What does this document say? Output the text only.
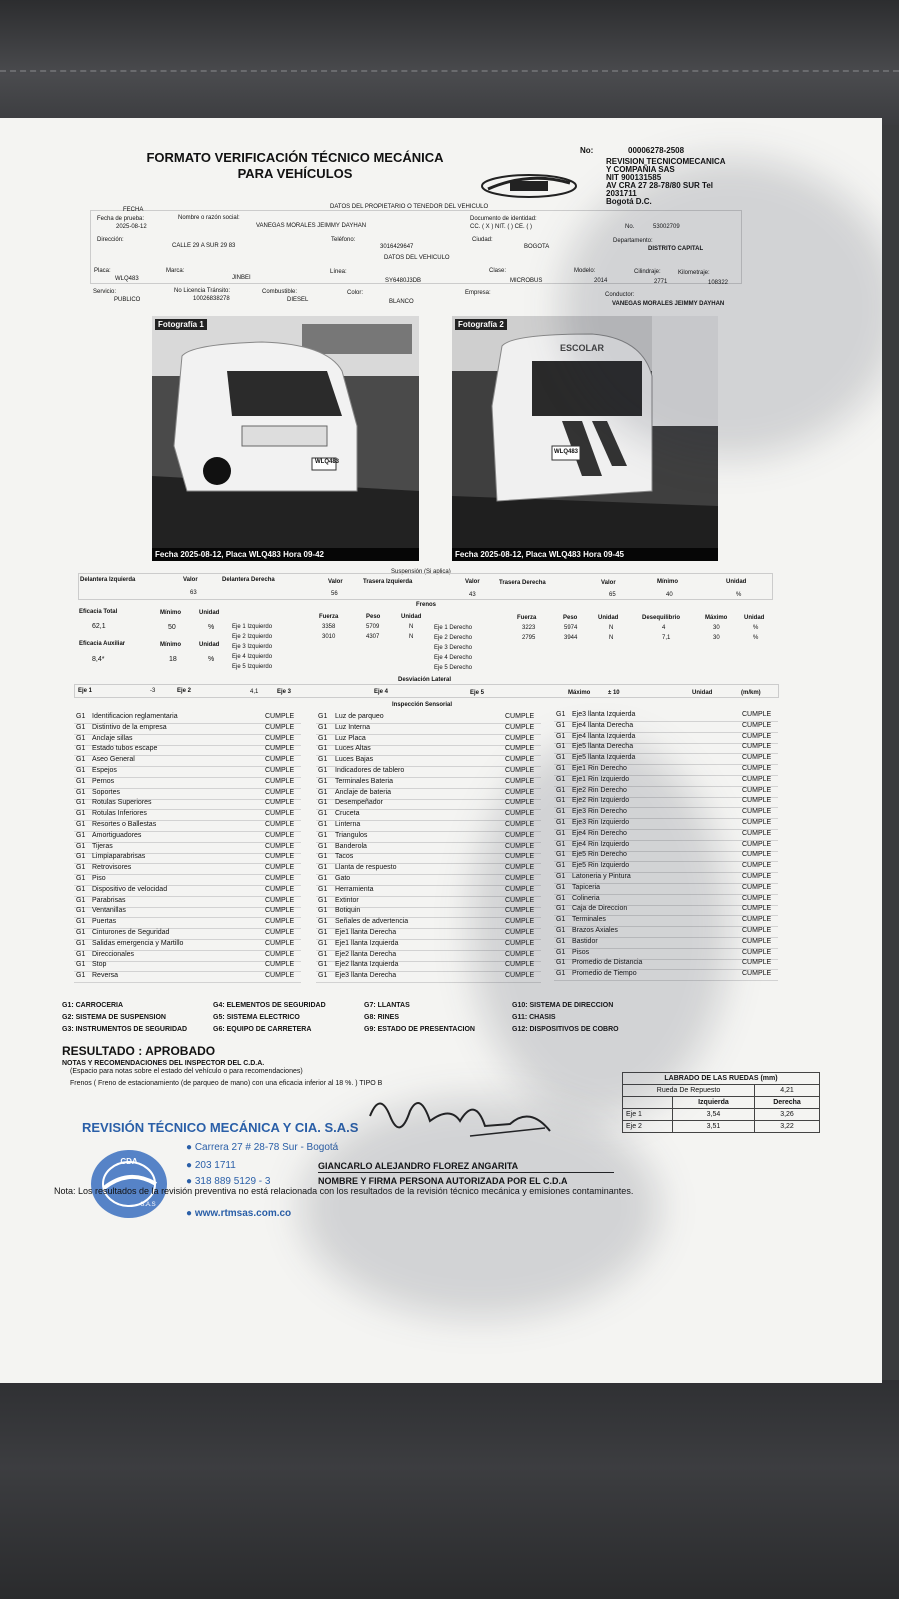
FORMATO VERIFICACIÓN TÉCNICO MECÁNICA
PARA VEHÍCULOS
No:	00006278-2508
REVISION TECNICOMECANICA
Y COMPAÑIA SAS
NIT 900131585
AV CRA 27 28-78/80 SUR Tel
2031711
Bogotá D.C.
FECHA	DATOS DEL PROPIETARIO O TENEDOR DEL VEHICULO
Fecha de prueba:
2025-08-12
Nombre o razón social:
VANEGAS MORALES JEIMMY DAYHAN
Documento de identidad:
CC. ( X ) NIT. ( ) CE. ( )	No.	53002709
Dirección:
CALLE 29 A SUR 29 83
Teléfono:
3016429647
Ciudad:
BOGOTA
Departamento:
DISTRITO CAPITAL
DATOS DEL VEHICULO
Placa:
WLQ483
Marca:
JINBEI
Línea:
SY6480J3DB
Clase:
MICROBUS
Modelo:
2014
Cilindraje:
2771
Kilometraje:
108322
Servicio:
PUBLICO
No Licencia Tránsito:
10026838278
Combustible:
DIESEL
Color:
BLANCO
Empresa:	Conductor:
VANEGAS MORALES JEIMMY DAYHAN
Fotografía 1
WLQ483
Fecha 2025-08-12, Placa WLQ483 Hora 09-42
Fotografía 2
ESCOLAR
WLQ483
Fecha 2025-08-12, Placa WLQ483 Hora 09-45
Suspensión (Si aplica)
Delantera Izquierda	Valor
63
Delantera Derecha	Valor
56
Trasera Izquierda	Valor
43
Trasera Derecha	Valor
65
Mínimo
40
Unidad
%
Frenos
Eficacia Total	Mínimo	Unidad
62,1	50	%
Eficacia Auxiliar	Mínimo	Unidad
8,4*	18	%
Fuerza	Peso	Unidad	Fuerza	Peso	Unidad	Desequilibrio	Máximo	Unidad
Eje 1 Izquierdo	3358	5709	N
Eje 2 Izquierdo	3010	4307	N
Eje 3 Izquierdo
Eje 4 Izquierdo
Eje 5 Izquierdo
Eje 1 Derecho	3223	5974	N	4	30	%
Eje 2 Derecho	2795	3944	N	7,1	30	%
Eje 3 Derecho
Eje 4 Derecho
Eje 5 Derecho
Desviación Lateral
Eje 1	-3	Eje 2	4,1	Eje 3	Eje 4	Eje 5	Máximo	± 10	Unidad	(m/km)
Inspección Sensorial
G1 Identificacion reglamentaria	CUMPLE
G1 Distintivo de la empresa	CUMPLE
G1 Anclaje sillas	CUMPLE
G1 Estado tubos escape	CUMPLE
G1 Aseo General	CUMPLE
G1 Espejos	CUMPLE
G1 Pernos	CUMPLE
G1 Soportes	CUMPLE
G1 Rotulas Superiores	CUMPLE
G1 Rotulas Inferiores	CUMPLE
G1 Resortes o Ballestas	CUMPLE
G1 Amortiguadores	CUMPLE
G1 Tijeras	CUMPLE
G1 Limpiaparabrisas	CUMPLE
G1 Retrovisores	CUMPLE
G1 Piso	CUMPLE
G1 Dispositivo de velocidad	CUMPLE
G1 Parabrisas	CUMPLE
G1 Ventanillas	CUMPLE
G1 Puertas	CUMPLE
G1 Cinturones de Seguridad	CUMPLE
G1 Salidas emergencia y Martillo	CUMPLE
G1 Direccionales	CUMPLE
G1 Stop	CUMPLE
G1 Reversa	CUMPLE
G1 Luz de parqueo	CUMPLE
G1 Luz Interna	CUMPLE
G1 Luz Placa	CUMPLE
G1 Luces Altas	CUMPLE
G1 Luces Bajas	CUMPLE
G1 Indicadores de tablero	CUMPLE
G1 Terminales Bateria	CUMPLE
G1 Anclaje de bateria	CUMPLE
G1 Desempeñador	CUMPLE
G1 Cruceta	CUMPLE
G1 Linterna	CUMPLE
G1 Triangulos	CUMPLE
G1 Banderola	CUMPLE
G1 Tacos	CUMPLE
G1 Llanta de respuesto	CUMPLE
G1 Gato	CUMPLE
G1 Herramienta	CUMPLE
G1 Extintor	CUMPLE
G1 Botiquin	CUMPLE
G1 Señales de advertencia	CUMPLE
G1 Eje1 llanta Derecha	CUMPLE
G1 Eje1 llanta Izquierda	CUMPLE
G1 Eje2 llanta Derecha	CUMPLE
G1 Eje2 llanta Izquierda	CUMPLE
G1 Eje3 llanta Derecha	CUMPLE
G1 Eje3 llanta Izquierda	CUMPLE
G1 Eje4 llanta Derecha	CUMPLE
G1 Eje4 llanta Izquierda	CUMPLE
G1 Eje5 llanta Derecha	CUMPLE
G1 Eje5 llanta Izquierda	CUMPLE
G1 Eje1 Rin Derecho	CUMPLE
G1 Eje1 Rin Izquierdo	CUMPLE
G1 Eje2 Rin Derecho	CUMPLE
G1 Eje2 Rin Izquierdo	CUMPLE
G1 Eje3 Rin Derecho	CUMPLE
G1 Eje3 Rin Izquierdo	CUMPLE
G1 Eje4 Rin Derecho	CUMPLE
G1 Eje4 Rin Izquierdo	CUMPLE
G1 Eje5 Rin Derecho	CUMPLE
G1 Eje5 Rin Izquierdo	CUMPLE
G1 Latoneria y Pintura	CUMPLE
G1 Tapiceria	CUMPLE
G1 Colineria	CUMPLE
G1 Caja de Direccion	CUMPLE
G1 Terminales	CUMPLE
G1 Brazos Axiales	CUMPLE
G1 Bastidor	CUMPLE
G1 Pisos	CUMPLE
G1 Promedio de Distancia	CUMPLE
G1 Promedio de Tiempo	CUMPLE
G1: CARROCERIA	G4: ELEMENTOS DE SEGURIDAD	G7: LLANTAS	G10: SISTEMA DE DIRECCION
G2: SISTEMA DE SUSPENSION	G5: SISTEMA ELECTRICO	G8: RINES	G11: CHASIS
G3: INSTRUMENTOS DE SEGURIDAD	G6: EQUIPO DE CARRETERA	G9: ESTADO DE PRESENTACION	G12: DISPOSITIVOS DE COBRO
RESULTADO : APROBADO
NOTAS Y RECOMENDACIONES DEL INSPECTOR DEL C.D.A.
(Espacio para notas sobre el estado del vehículo o para recomendaciones)
Frenos ( Freno de estacionamiento (de parqueo de mano) con una eficacia inferior al 18 %. ) TIPO B
LABRADO DE LAS RUEDAS (mm)		
Rueda De Repuesto		4,21
	Izquierda	Derecha
Eje 1	3,54	3,26
Eje 2	3,51	3,22
REVISIÓN TÉCNICO MECÁNICA Y CIA. S.A.S
● Carrera 27 # 28-78 Sur - Bogotá
● 203 1711
● 318 889 5129 - 3
● www.rtmsas.com.co
CDA
S.A.S
GIANCARLO ALEJANDRO FLOREZ ANGARITA
NOMBRE Y FIRMA PERSONA AUTORIZADA POR EL C.D.A
Nota: Los resultados de la revisión preventiva no está relacionada con los resultados de la revisión técnico mecánica y emisiones contaminantes.
